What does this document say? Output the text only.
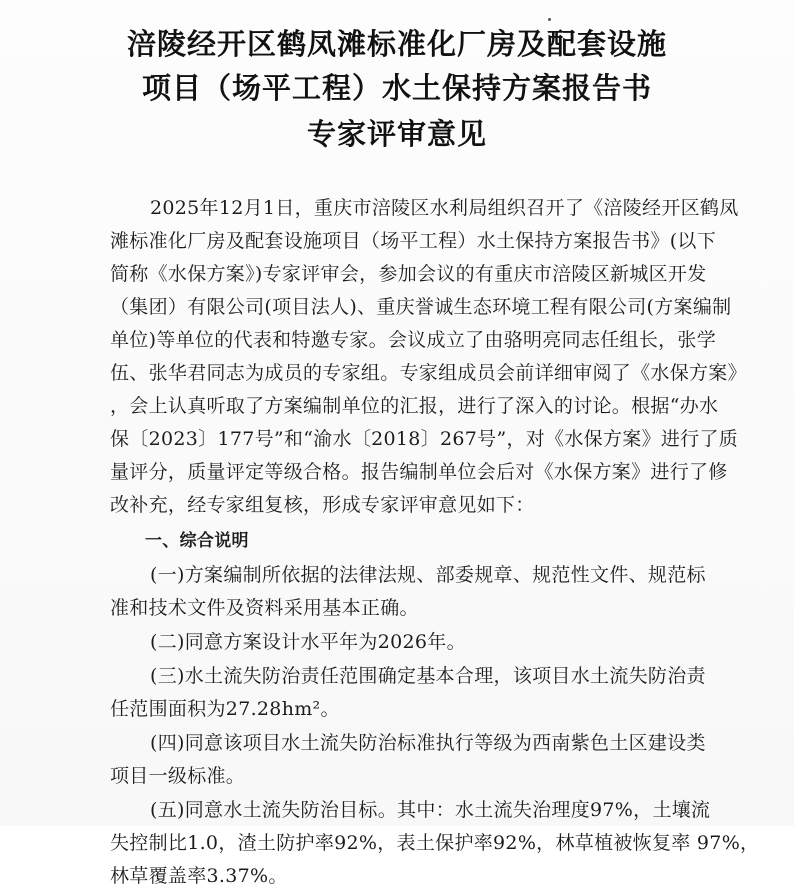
涪陵经开区鹤凤滩标准化厂房及配套设施
项目（场平工程）水土保持方案报告书
专家评审意见
2025年12月1日，重庆市涪陵区水利局组织召开了《涪陵经开区鹤凤
滩标准化厂房及配套设施项目（场平工程）水土保持方案报告书》(以下
简称《水保方案》)专家评审会，参加会议的有重庆市涪陵区新城区开发
（集团）有限公司(项目法人)、重庆誉诚生态环境工程有限公司(方案编制
单位)等单位的代表和特邀专家。会议成立了由骆明亮同志任组长，张学
伍、张华君同志为成员的专家组。专家组成员会前详细审阅了《水保方案》
，会上认真听取了方案编制单位的汇报，进行了深入的讨论。根据“办水
保〔2023〕177号”和“渝水〔2018〕267号”，对《水保方案》进行了质
量评分，质量评定等级合格。报告编制单位会后对《水保方案》进行了修
改补充，经专家组复核，形成专家评审意见如下：
一、综合说明
(一)方案编制所依据的法律法规、部委规章、规范性文件、规范标
准和技术文件及资料采用基本正确。
(二)同意方案设计水平年为2026年。
(三)水土流失防治责任范围确定基本合理，该项目水土流失防治责
任范围面积为27.28hm²。
(四)同意该项目水土流失防治标准执行等级为西南紫色土区建设类
项目一级标准。
(五)同意水土流失防治目标。其中：水土流失治理度97%，土壤流
失控制比1.0，渣土防护率92%，表土保护率92%，林草植被恢复率 97%，
林草覆盖率3.37%。
